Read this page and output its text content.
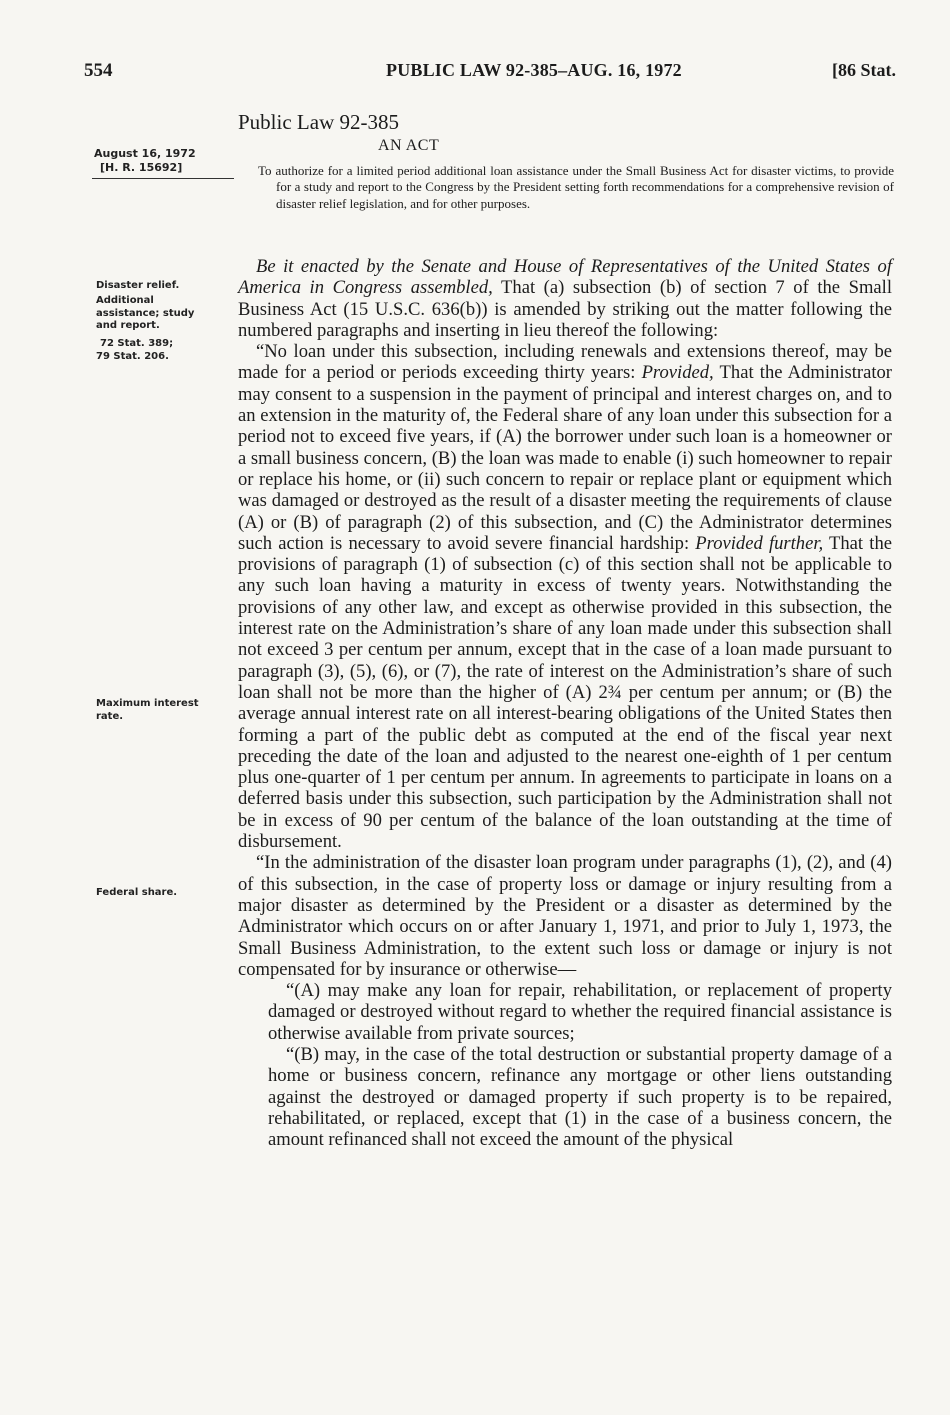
554	PUBLIC LAW 92-385–AUG. 16, 1972	[86 Stat.
August 16, 1972
[H. R. 15692]
Disaster relief.
Additional assistance; study and report.
72 Stat. 389;
79 Stat. 206.
Maximum interest rate.
Federal share.
Public Law 92-385
AN ACT

To authorize for a limited period additional loan assistance under the Small Business Act for disaster victims, to provide for a study and report to the Congress by the President setting forth recommendations for a comprehensive revision of disaster relief legislation, and for other purposes.

Be it enacted by the Senate and House of Representatives of the United States of America in Congress assembled, That (a) subsection (b) of section 7 of the Small Business Act (15 U.S.C. 636(b)) is amended by striking out the matter following the numbered paragraphs and inserting in lieu thereof the following:

“No loan under this subsection, including renewals and extensions thereof, may be made for a period or periods exceeding thirty years: Provided, That the Administrator may consent to a suspension in the payment of principal and interest charges on, and to an extension in the maturity of, the Federal share of any loan under this subsection for a period not to exceed five years, if (A) the borrower under such loan is a homeowner or a small business concern, (B) the loan was made to enable (i) such homeowner to repair or replace his home, or (ii) such concern to repair or replace plant or equipment which was damaged or destroyed as the result of a disaster meeting the requirements of clause (A) or (B) of paragraph (2) of this subsection, and (C) the Administrator determines such action is necessary to avoid severe financial hardship: Provided further, That the provisions of paragraph (1) of subsection (c) of this section shall not be applicable to any such loan having a maturity in excess of twenty years. Notwithstanding the provisions of any other law, and except as otherwise provided in this subsection, the interest rate on the Administration’s share of any loan made under this subsection shall not exceed 3 per centum per annum, except that in the case of a loan made pursuant to paragraph (3), (5), (6), or (7), the rate of interest on the Administration’s share of such loan shall not be more than the higher of (A) 2¾ per centum per annum; or (B) the average annual interest rate on all interest-bearing obligations of the United States then forming a part of the public debt as computed at the end of the fiscal year next preceding the date of the loan and adjusted to the nearest one-eighth of 1 per centum plus one-quarter of 1 per centum per annum. In agreements to participate in loans on a deferred basis under this subsection, such participation by the Administration shall not be in excess of 90 per centum of the balance of the loan outstanding at the time of disbursement.

“In the administration of the disaster loan program under paragraphs (1), (2), and (4) of this subsection, in the case of property loss or damage or injury resulting from a major disaster as determined by the President or a disaster as determined by the Administrator which occurs on or after January 1, 1971, and prior to July 1, 1973, the Small Business Administration, to the extent such loss or damage or injury is not compensated for by insurance or otherwise—

“(A) may make any loan for repair, rehabilitation, or replacement of property damaged or destroyed without regard to whether the required financial assistance is otherwise available from private sources;

“(B) may, in the case of the total destruction or substantial property damage of a home or business concern, refinance any mortgage or other liens outstanding against the destroyed or damaged property if such property is to be repaired, rehabilitated, or replaced, except that (1) in the case of a business concern, the amount refinanced shall not exceed the amount of the physical
